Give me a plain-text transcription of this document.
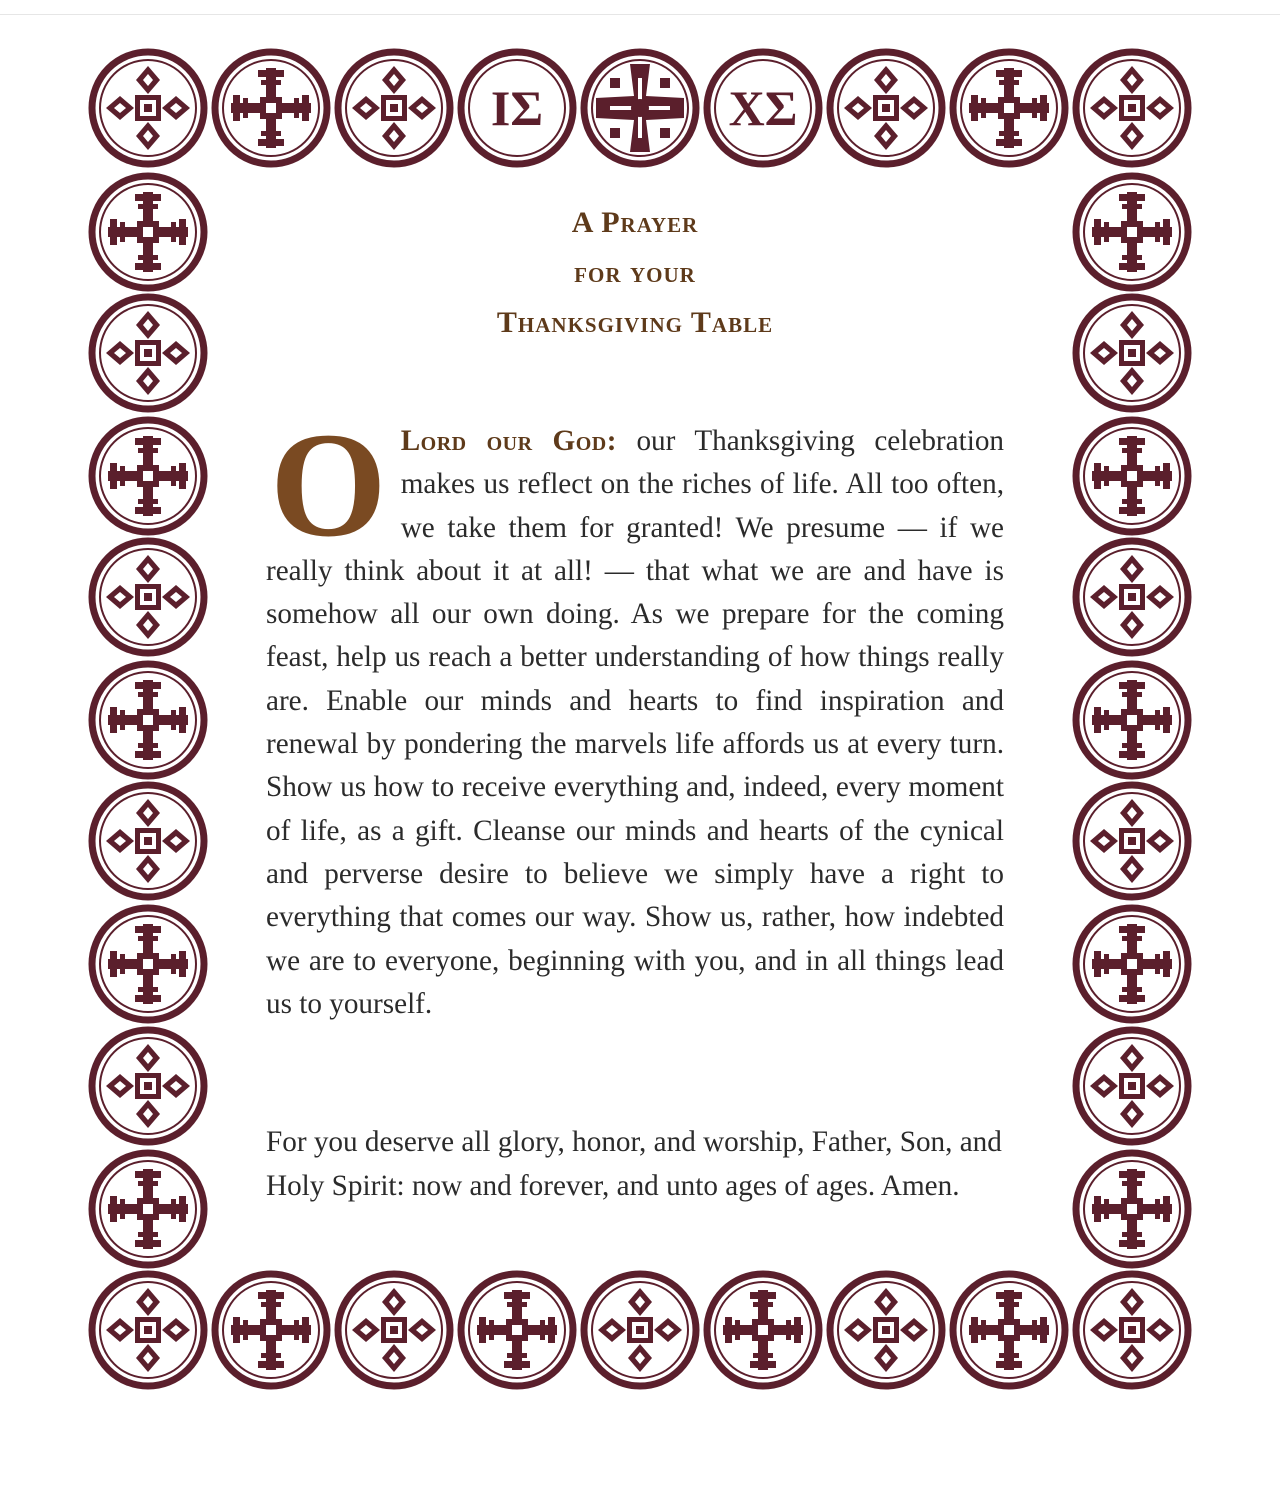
ΙΣ	ΧΣ
A Prayer
for your
Thanksgiving Table
O Lord our God: our Thanksgiving celebration makes us reflect on the riches of life. All too often, we take them for granted! We presume — if we really think about it at all! — that what we are and have is somehow all our own doing. As we prepare for the coming feast, help us reach a better understanding of how things really are. Enable our minds and hearts to find inspiration and renewal by pondering the marvels life affords us at every turn. Show us how to receive everything and, indeed, every moment of life, as a gift. Cleanse our minds and hearts of the cynical and perverse desire to believe we simply have a right to everything that comes our way. Show us, rather, how indebted we are to everyone, beginning with you, and in all things lead us to yourself.
For you deserve all glory, honor, and worship, Father, Son, and Holy Spirit: now and forever, and unto ages of ages. Amen.
